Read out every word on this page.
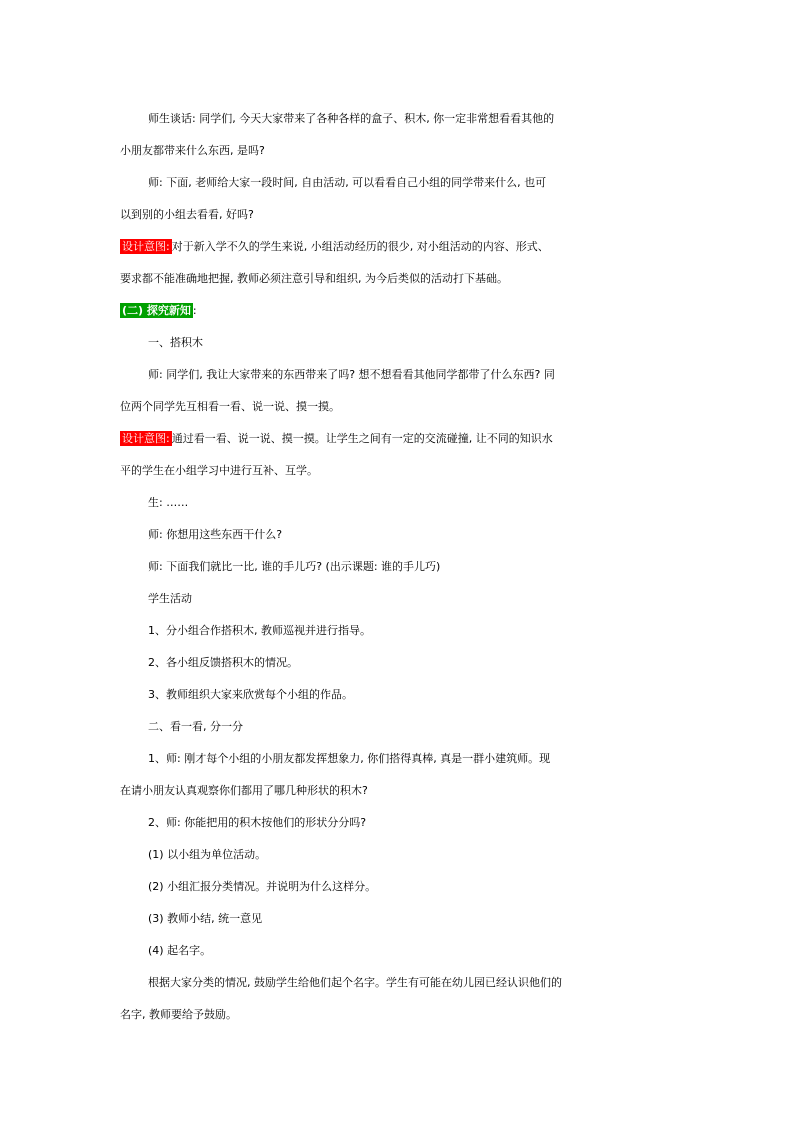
师生谈话: 同学们, 今天大家带来了各种各样的盒子、积木, 你一定非常想看看其他的
小朋友都带来什么东西, 是吗?
师: 下面, 老师给大家一段时间, 自由活动, 可以看看自己小组的同学带来什么, 也可
以到别的小组去看看, 好吗?
设计意图: 对于新入学不久的学生来说, 小组活动经历的很少, 对小组活动的内容、形式、
要求都不能准确地把握, 教师必须注意引导和组织, 为今后类似的活动打下基础。
(二) 探究新知 :
一、搭积木
师: 同学们, 我让大家带来的东西带来了吗? 想不想看看其他同学都带了什么东西? 同
位两个同学先互相看一看、说一说、摸一摸。
设计意图: 通过看一看、说一说、摸一摸。让学生之间有一定的交流碰撞, 让不同的知识水
平的学生在小组学习中进行互补、互学。
生: ……
师: 你想用这些东西干什么?
师: 下面我们就比一比, 谁的手儿巧? (出示课题: 谁的手儿巧)
学生活动
1、分小组合作搭积木, 教师巡视并进行指导。
2、各小组反馈搭积木的情况。
3、教师组织大家来欣赏每个小组的作品。
二、看一看, 分一分
1、师: 刚才每个小组的小朋友都发挥想象力, 你们搭得真棒, 真是一群小建筑师。现
在请小朋友认真观察你们都用了哪几种形状的积木?
2、师: 你能把用的积木按他们的形状分分吗?
(1) 以小组为单位活动。
(2) 小组汇报分类情况。并说明为什么这样分。
(3) 教师小结, 统一意见
(4) 起名字。
根据大家分类的情况, 鼓励学生给他们起个名字。学生有可能在幼儿园已经认识他们的
名字, 教师要给予鼓励。
